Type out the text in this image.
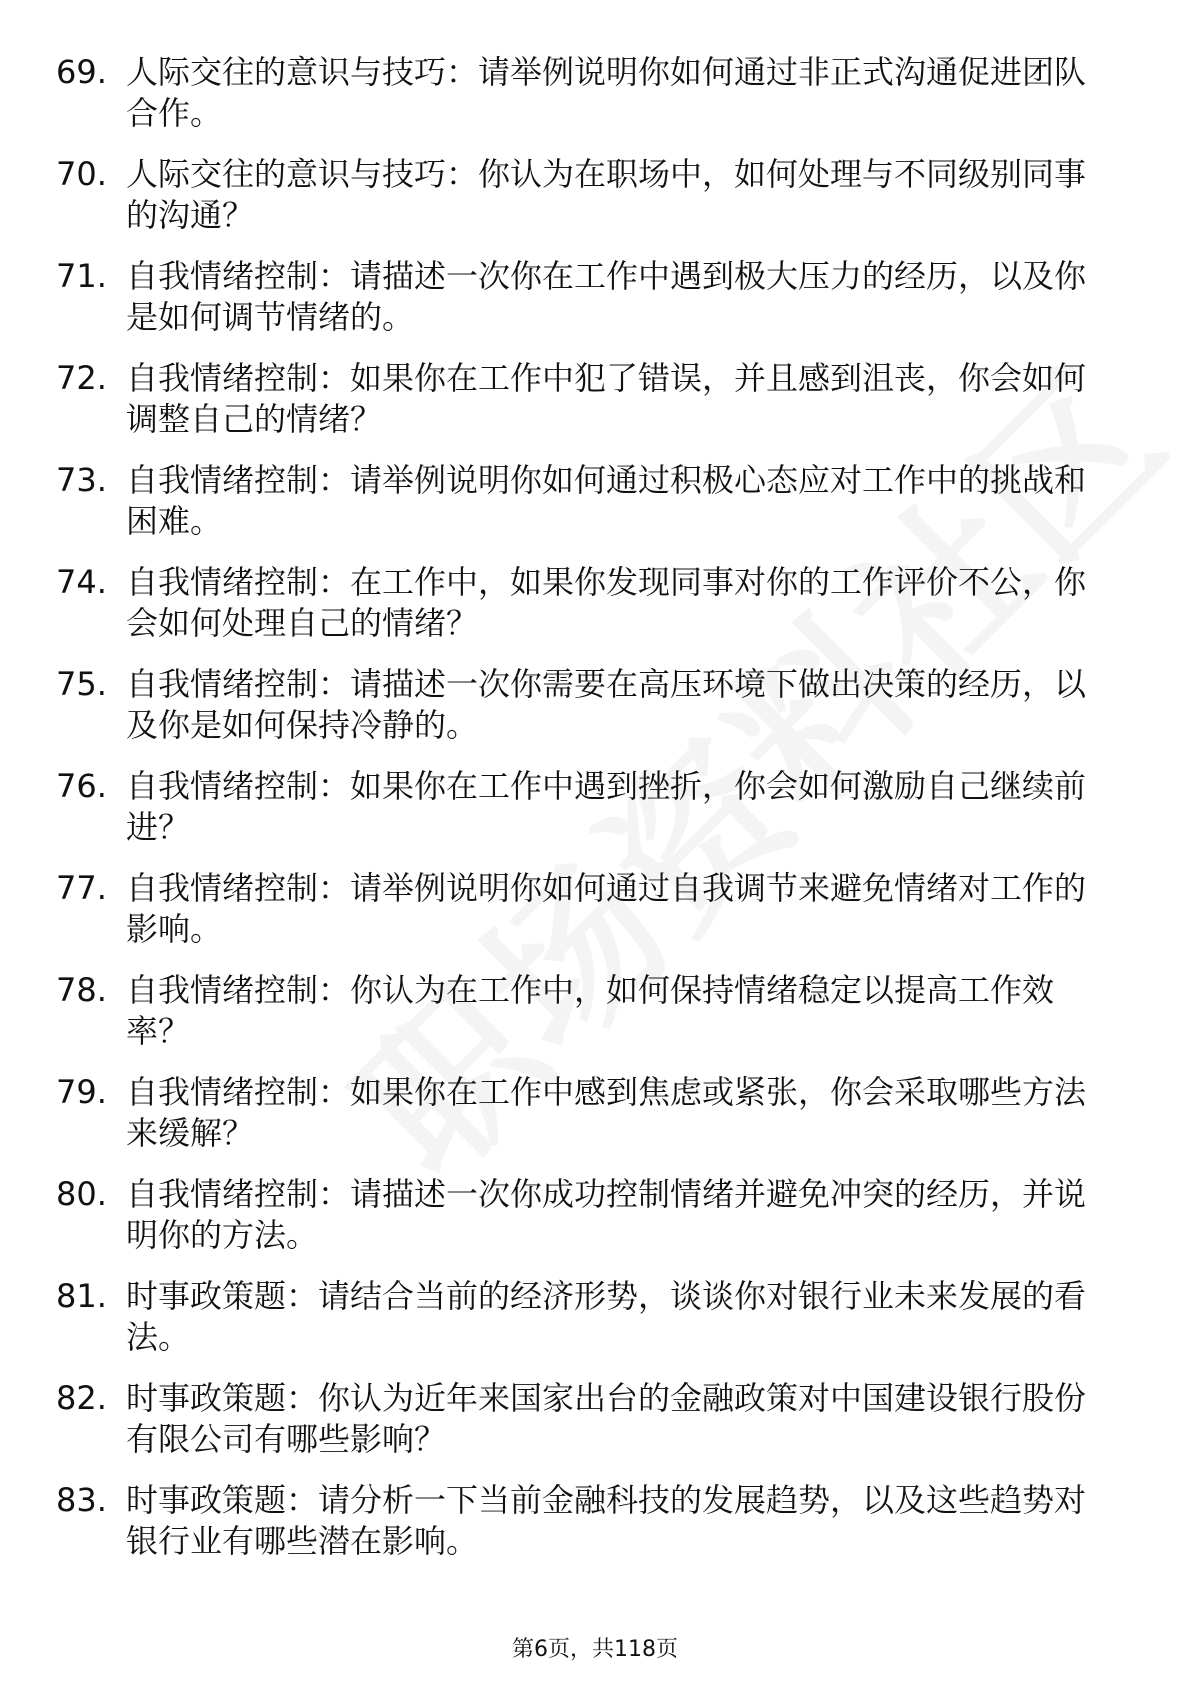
69. 人际交往的意识与技巧：请举例说明你如何通过非正式沟通促进团队合作。
70. 人际交往的意识与技巧：你认为在职场中，如何处理与不同级别同事的沟通？
71. 自我情绪控制：请描述一次你在工作中遇到极大压力的经历，以及你是如何调节情绪的。
72. 自我情绪控制：如果你在工作中犯了错误，并且感到沮丧，你会如何调整自己的情绪？
73. 自我情绪控制：请举例说明你如何通过积极心态应对工作中的挑战和困难。
74. 自我情绪控制：在工作中，如果你发现同事对你的工作评价不公，你会如何处理自己的情绪？
75. 自我情绪控制：请描述一次你需要在高压环境下做出决策的经历，以及你是如何保持冷静的。
76. 自我情绪控制：如果你在工作中遇到挫折，你会如何激励自己继续前进？
77. 自我情绪控制：请举例说明你如何通过自我调节来避免情绪对工作的影响。
78. 自我情绪控制：你认为在工作中，如何保持情绪稳定以提高工作效率？
79. 自我情绪控制：如果你在工作中感到焦虑或紧张，你会采取哪些方法来缓解？
80. 自我情绪控制：请描述一次你成功控制情绪并避免冲突的经历，并说明你的方法。
81. 时事政策题：请结合当前的经济形势，谈谈你对银行业未来发展的看法。
82. 时事政策题：你认为近年来国家出台的金融政策对中国建设银行股份有限公司有哪些影响？
83. 时事政策题：请分析一下当前金融科技的发展趋势，以及这些趋势对银行业有哪些潜在影响。
第6页，共118页
